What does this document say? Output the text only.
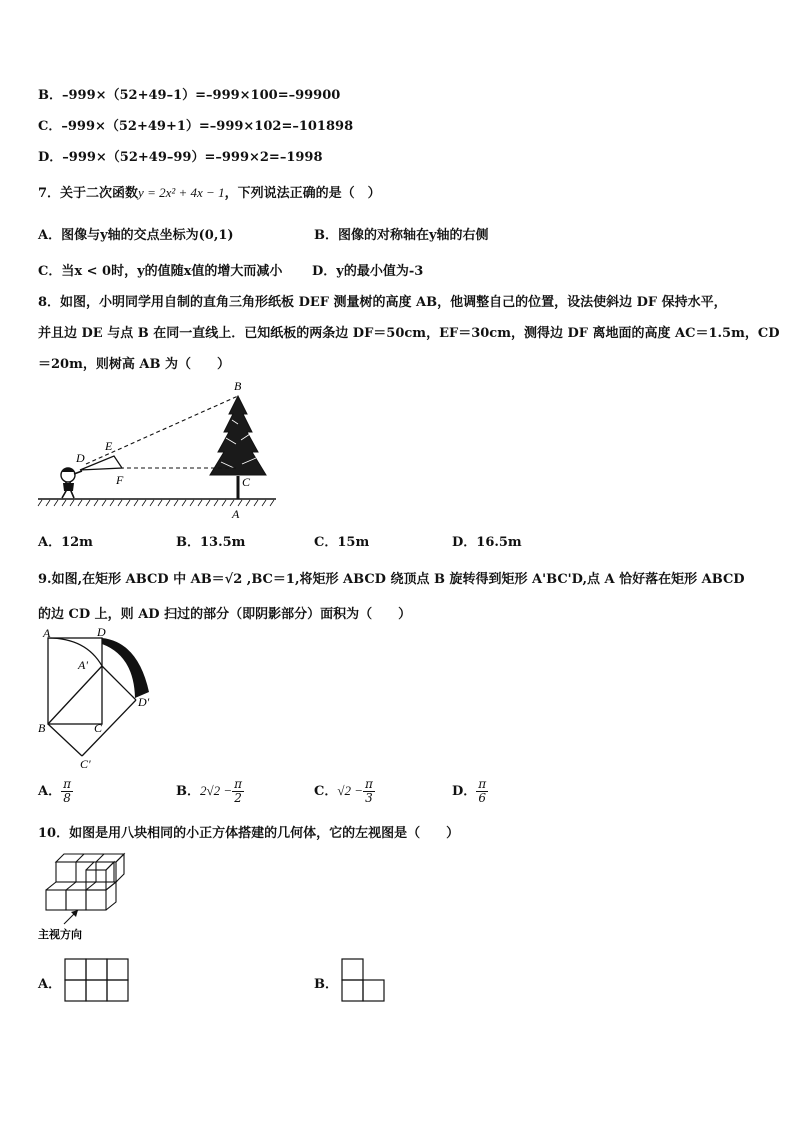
B．–999×（52+49–1）=–999×100=–99900
C．–999×（52+49+1）=–999×102=–101898
D．–999×（52+49–99）=–999×2=–1998
7．关于二次函数y = 2x² + 4x − 1，下列说法正确的是（　）
A．图像与y轴的交点坐标为(0,1)	B．图像的对称轴在y轴的右侧
C．当x < 0时，y的值随x值的增大而减小 D．y的最小值为-3
8．如图，小明同学用自制的直角三角形纸板 DEF 测量树的高度 AB，他调整自己的位置，设法使斜边 DF 保持水平，
并且边 DE 与点 B 在同一直线上．已知纸板的两条边 DF＝50cm，EF＝30cm，测得边 DF 离地面的高度 AC＝1.5m，CD
＝20m，则树高 AB 为（　　）
B
E
D
F	C
A
A．12m	B．13.5m	C．15m	D．16.5m
9.如图,在矩形 ABCD 中 AB＝√2 ,BC＝1,将矩形 ABCD 绕顶点 B 旋转得到矩形 A'BC'D,点 A 恰好落在矩形 ABCD
的边 CD 上，则 AD 扫过的部分（即阴影部分）面积为（　　）
A	D
A'
D'
B	C
C'
A． $\frac{\pi}{8}$	B．$2√2 - \frac{\pi}{2}$	C．$√2 - \frac{\pi}{3}$	D． $\frac{\pi}{6}$
10．如图是用八块相同的小正方体搭建的几何体，它的左视图是（　　）
主视方向
A．	B．
